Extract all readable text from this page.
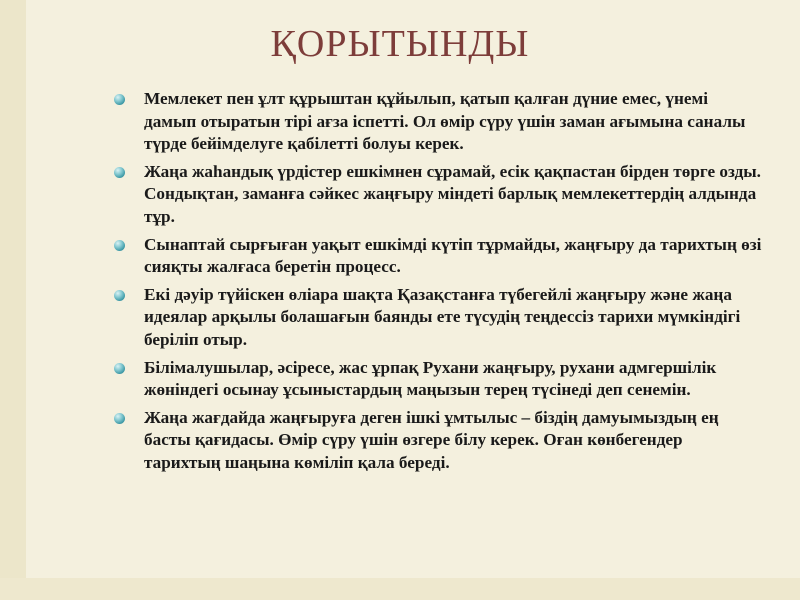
ҚОРЫТЫНДЫ
Мемлекет пен ұлт құрыштан құйылып, қатып қалған дүние емес, үнемі дамып отыратын тірі ағза іспетті. Ол өмір сүру үшін заман ағымына саналы түрде бейімделуге қабілетті болуы керек.
Жаңа жаһандық үрдістер ешкімнен сұрамай, есік қақпастан бірден төрге озды. Сондықтан, заманға сәйкес жаңғыру міндеті барлық мемлекеттердің алдында тұр.
Сынаптай сырғыған уақыт ешкімді күтіп тұрмайды, жаңғыру да тарихтың өзі сияқты жалғаса беретін процесс.
Екі дәуір түйіскен өліара шақта Қазақстанға түбегейлі жаңғыру және жаңа идеялар арқылы болашағын баянды ете түсудің теңдессіз тарихи мүмкіндігі беріліп отыр.
Білімалушылар, әсіресе, жас ұрпақ Рухани жаңғыру, рухани адмгершілік жөніндегі осынау ұсыныстардың маңызын терең түсінеді деп сенемін.
Жаңа жағдайда жаңғыруға деген ішкі ұмтылыс – біздің дамуымыздың ең басты қағидасы. Өмір сүру үшін өзгере білу керек. Оған көнбегендер тарихтың шаңына көміліп қала береді.
